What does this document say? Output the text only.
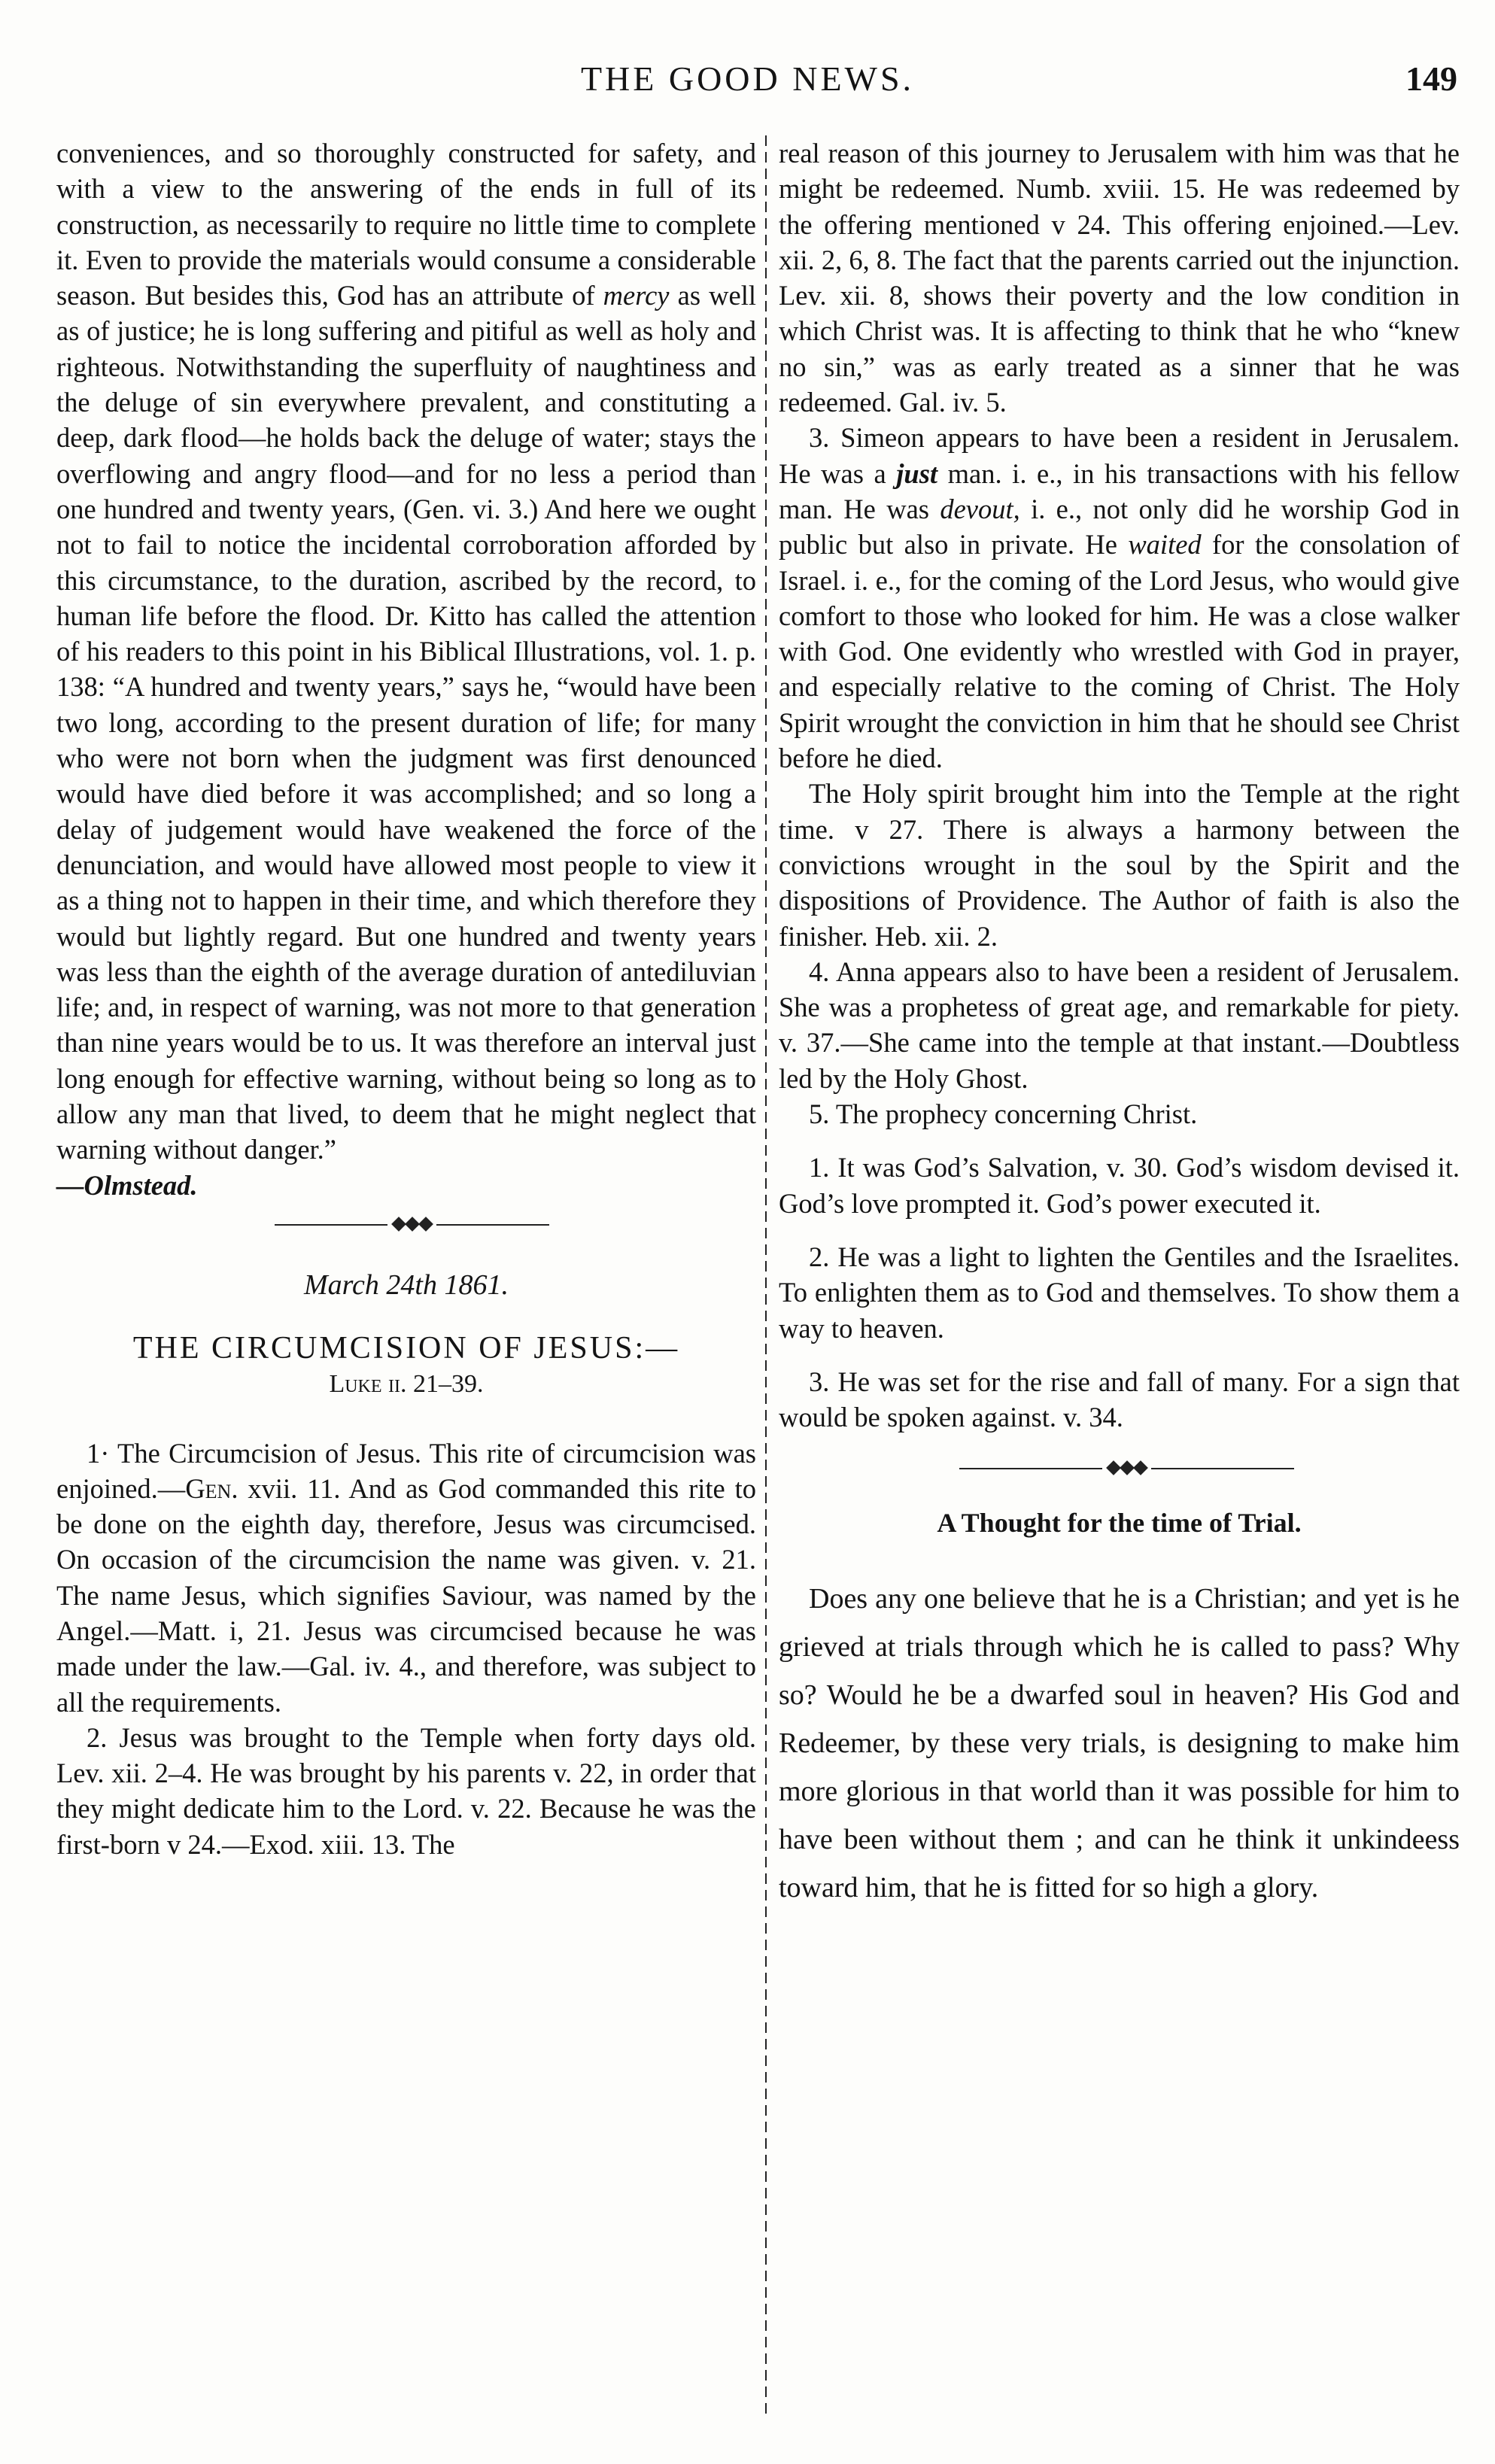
THE GOOD NEWS.	149

conveniences, and so thoroughly constructed for safety, and with a view to the answering of the ends in full of its construction, as necessarily to require no little time to complete it. Even to provide the materials would consume a considerable season. But besides this, God has an attribute of mercy as well as of justice; he is long suffering and pitiful as well as holy and righteous. Notwithstanding the superfluity of naughtiness and the deluge of sin everywhere prevalent, and constituting a deep, dark flood—he holds back the deluge of water; stays the overflowing and angry flood—and for no less a period than one hundred and twenty years, (Gen. vi. 3.) And here we ought not to fail to notice the incidental corroboration afforded by this circumstance, to the duration, ascribed by the record, to human life before the flood. Dr. Kitto has called the attention of his readers to this point in his Biblical Illustrations, vol. 1. p. 138: “A hundred and twenty years,” says he, “would have been two long, according to the present duration of life; for many who were not born when the judgment was first denounced would have died before it was accomplished; and so long a delay of judgement would have weakened the force of the denunciation, and would have allowed most people to view it as a thing not to happen in their time, and which therefore they would but lightly regard. But one hundred and twenty years was less than the eighth of the average duration of antediluvian life; and, in respect of warning, was not more to that generation than nine years would be to us. It was therefore an interval just long enough for effective warning, without being so long as to allow any man that lived, to deem that he might neglect that warning without danger.”

—Olmstead.

March 24th 1861.
THE CIRCUMCISION OF JESUS:—
Luke ii. 21–39.

1· The Circumcision of Jesus. This rite of circumcision was enjoined.—Gen. xvii. 11. And as God commanded this rite to be done on the eighth day, therefore, Jesus was circumcised. On occasion of the circumcision the name was given. v. 21. The name Jesus, which signifies Saviour, was named by the Angel.—Matt. i, 21. Jesus was circumcised because he was made under the law.—Gal. iv. 4., and therefore, was subject to all the requirements.

2. Jesus was brought to the Temple when forty days old. Lev. xii. 2–4. He was brought by his parents v. 22, in order that they might dedicate him to the Lord. v. 22. Because he was the first-born v 24.—Exod. xiii. 13. The

real reason of this journey to Jerusalem with him was that he might be redeemed. Numb. xviii. 15. He was redeemed by the offering mentioned v 24. This offering enjoined.—Lev. xii. 2, 6, 8. The fact that the parents carried out the injunction. Lev. xii. 8, shows their poverty and the low condition in which Christ was. It is affecting to think that he who “knew no sin,” was as early treated as a sinner that he was redeemed. Gal. iv. 5.

3. Simeon appears to have been a resident in Jerusalem. He was a just man. i. e., in his transactions with his fellow man. He was devout, i. e., not only did he worship God in public but also in private. He waited for the consolation of Israel. i. e., for the coming of the Lord Jesus, who would give comfort to those who looked for him. He was a close walker with God. One evidently who wrestled with God in prayer, and especially relative to the coming of Christ. The Holy Spirit wrought the conviction in him that he should see Christ before he died.

The Holy spirit brought him into the Temple at the right time. v 27. There is always a harmony between the convictions wrought in the soul by the Spirit and the dispositions of Providence. The Author of faith is also the finisher. Heb. xii. 2.

4. Anna appears also to have been a resident of Jerusalem. She was a prophetess of great age, and remarkable for piety. v. 37.—She came into the temple at that instant.—Doubtless led by the Holy Ghost.

5. The prophecy concerning Christ.

1. It was God’s Salvation, v. 30. God’s wisdom devised it. God’s love prompted it. God’s power executed it.

2. He was a light to lighten the Gentiles and the Israelites. To enlighten them as to God and themselves. To show them a way to heaven.

3. He was set for the rise and fall of many. For a sign that would be spoken against. v. 34.

A Thought for the time of Trial.

Does any one believe that he is a Christian; and yet is he grieved at trials through which he is called to pass? Why so? Would he be a dwarfed soul in heaven? His God and Redeemer, by these very trials, is designing to make him more glorious in that world than it was possible for him to have been without them ; and can he think it unkindeess toward him, that he is fitted for so high a glory.
